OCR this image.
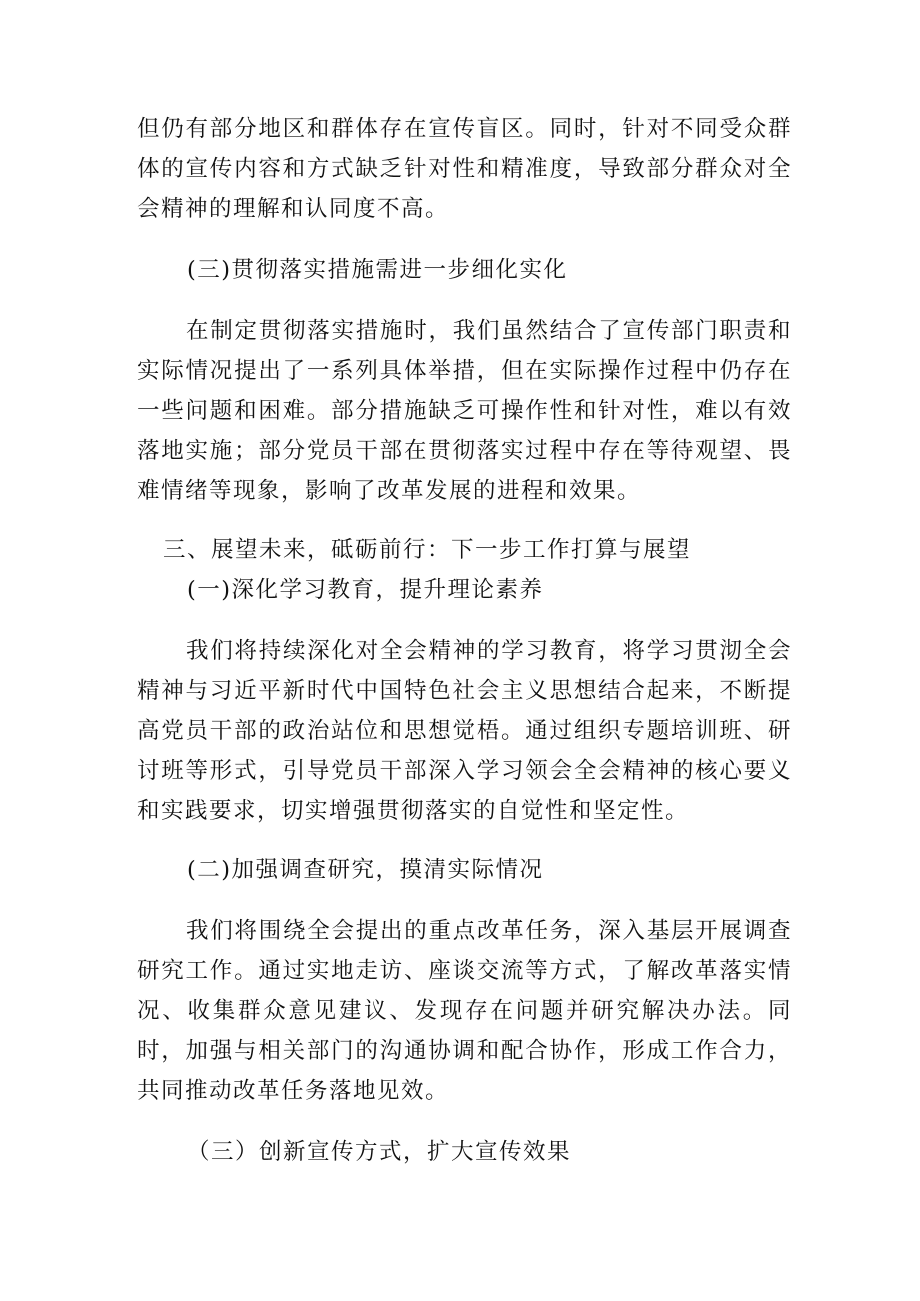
但仍有部分地区和群体存在宣传盲区。同时，针对不同受众群体的宣传内容和方式缺乏针对性和精准度，导致部分群众对全会精神的理解和认同度不高。

(三)贯彻落实措施需进一步细化实化

在制定贯彻落实措施时，我们虽然结合了宣传部门职责和实际情况提出了一系列具体举措，但在实际操作过程中仍存在一些问题和困难。部分措施缺乏可操作性和针对性，难以有效落地实施；部分党员干部在贯彻落实过程中存在等待观望、畏难情绪等现象，影响了改革发展的进程和效果。

三、展望未来，砥砺前行：下一步工作打算与展望

(一)深化学习教育，提升理论素养

我们将持续深化对全会精神的学习教育，将学习贯沏全会精神与习近平新时代中国特色社会主义思想结合起来，不断提高党员干部的政治站位和思想觉梧。通过组织专题培训班、研讨班等形式，引导党员干部深入学习领会全会精神的核心要义和实践要求，切实增强贯彻落实的自觉性和坚定性。

(二)加强调查研究，摸清实际情况

我们将围绕全会提出的重点改革任务，深入基层开展调查研究工作。通过实地走访、座谈交流等方式，了解改革落实情况、收集群众意见建议、发现存在问题并研究解决办法。同时，加强与相关部门的沟通协调和配合协作，形成工作合力，共同推动改革任务落地见效。

（三）创新宣传方式，扩大宣传效果
